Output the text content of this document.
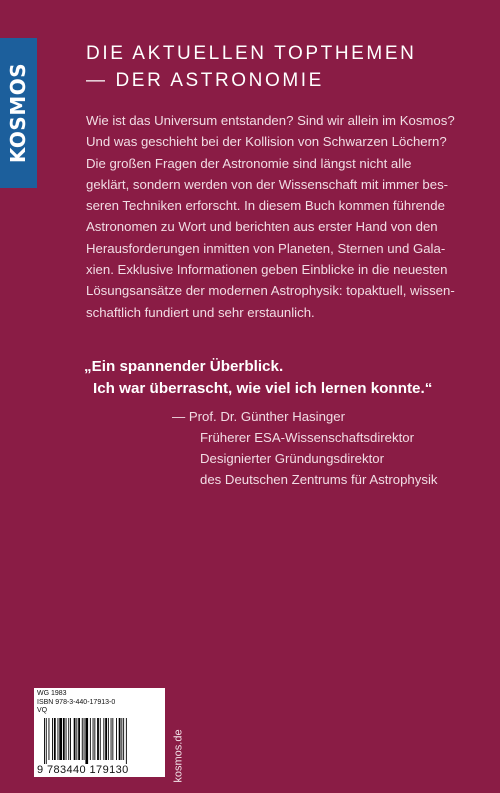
KOSMOS
DIE AKTUELLEN TOPTHEMEN
— DER ASTRONOMIE
Wie ist das Universum entstanden? Sind wir allein im Kosmos?
Und was geschieht bei der Kollision von Schwarzen Löchern?
Die großen Fragen der Astronomie sind längst nicht alle
geklärt, sondern werden von der Wissenschaft mit immer bes-
seren Techniken erforscht. In diesem Buch kommen führende
Astronomen zu Wort und berichten aus erster Hand von den
Herausforderungen inmitten von Planeten, Sternen und Gala-
xien. Exklusive Informationen geben Einblicke in die neuesten
Lösungsansätze der modernen Astrophysik: topaktuell, wissen-
schaftlich fundiert und sehr erstaunlich.
„Ein spannender Überblick.
Ich war überrascht, wie viel ich lernen konnte.“
— Prof. Dr. Günther Hasinger
Früherer ESA-Wissenschaftsdirektor
Designierter Gründungsdirektor
des Deutschen Zentrums für Astrophysik
WG 1983
ISBN 978-3-440-17913-0
VQ
9 783440 179130	kosmos.de
